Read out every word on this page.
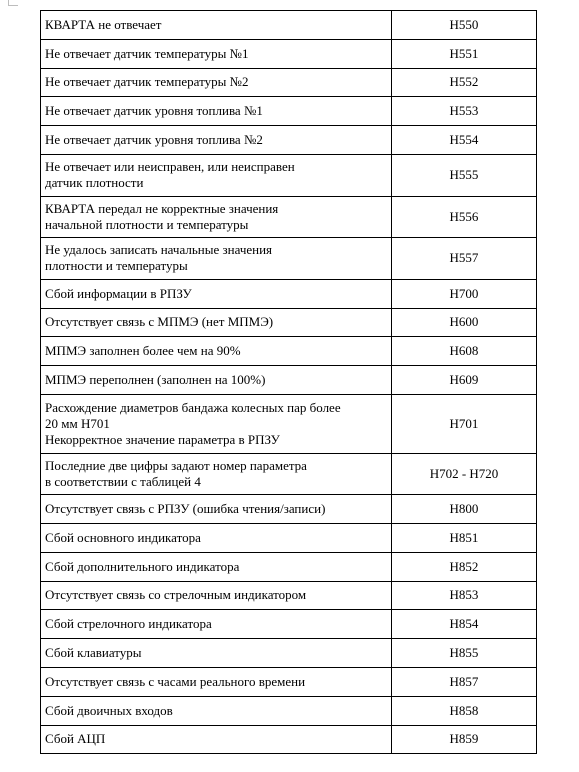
КВАРТА не отвечает	Н550
Не отвечает датчик температуры №1	Н551
Не отвечает датчик температуры №2	Н552
Не отвечает датчик уровня топлива №1	Н553
Не отвечает датчик уровня топлива №2	Н554
Не отвечает или неисправен, или неисправен
датчик плотности	Н555
КВАРТА передал не корректные значения
начальной плотности и температуры	Н556
Не удалось записать начальные значения
плотности и температуры	Н557
Сбой информации в РПЗУ	Н700
Отсутствует связь с МПМЭ (нет МПМЭ)	Н600
МПМЭ заполнен более чем на 90%	Н608
МПМЭ переполнен (заполнен на 100%)	Н609
Расхождение диаметров бандажа колесных пар более
20 мм Н701
Некорректное значение параметра в РПЗУ	Н701
Последние две цифры задают номер параметра
в соответствии с таблицей 4	Н702 - Н720
Отсутствует связь с РПЗУ (ошибка чтения/записи)	Н800
Сбой основного индикатора	Н851
Сбой дополнительного индикатора	Н852
Отсутствует связь со стрелочным индикатором	Н853
Сбой стрелочного индикатора	Н854
Сбой клавиатуры	Н855
Отсутствует связь с часами реального времени	Н857
Сбой двоичных входов	Н858
Сбой АЦП	Н859
